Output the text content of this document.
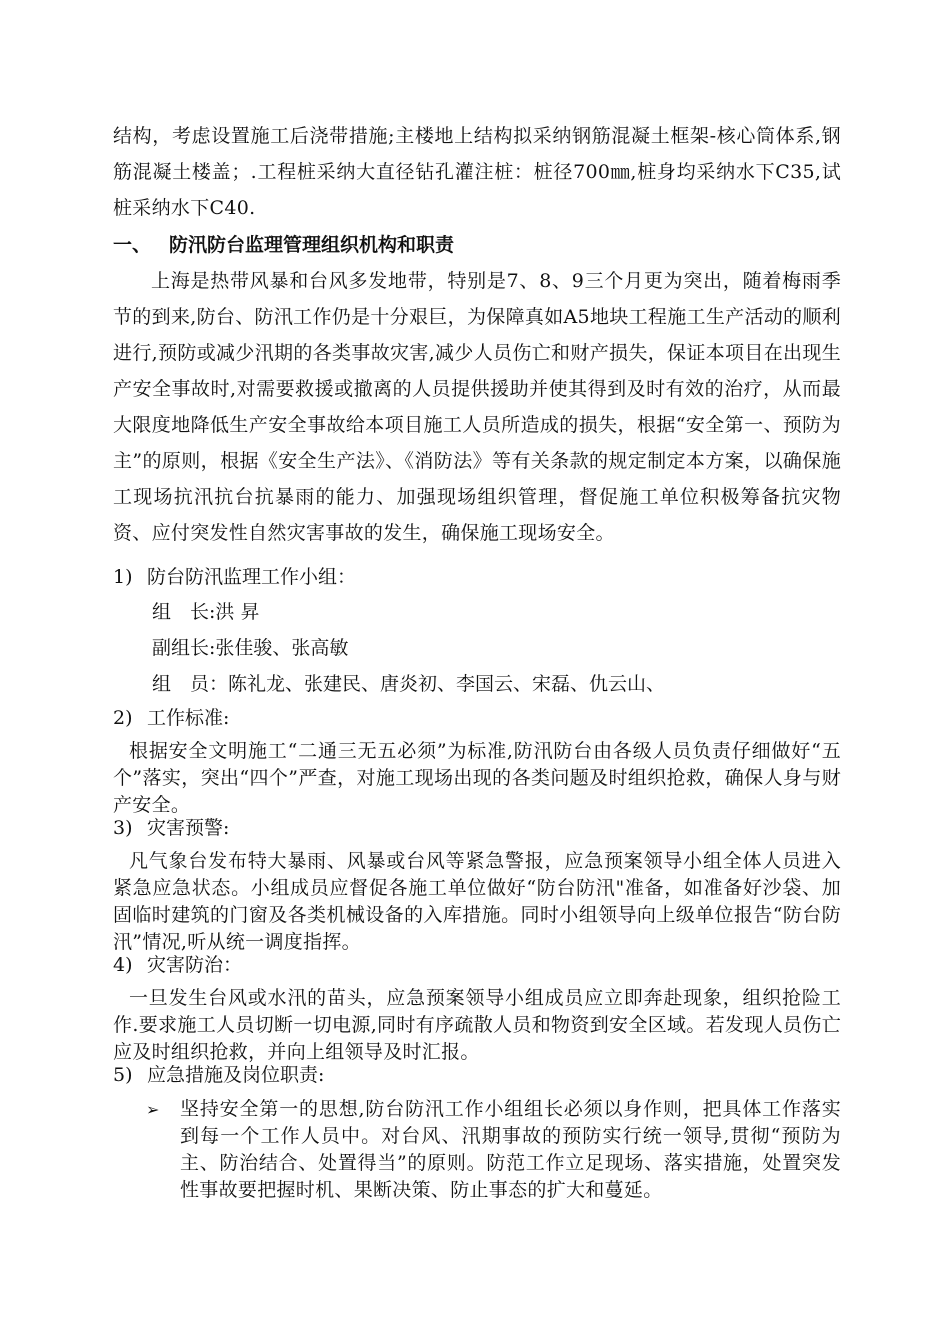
结构，考虑设置施工后浇带措施;主楼地上结构拟采纳钢筋混凝土框架-核心筒体系,钢筋混凝土楼盖；.工程桩采纳大直径钻孔灌注桩：桩径700㎜,桩身均采纳水下C35,试桩采纳水下C40.
一、 防汛防台监理管理组织机构和职责
上海是热带风暴和台风多发地带，特别是7、8、9三个月更为突出，随着梅雨季节的到来,防台、防汛工作仍是十分艰巨，为保障真如A5地块工程施工生产活动的顺利进行,预防或减少汛期的各类事故灾害,减少人员伤亡和财产损失，保证本项目在出现生产安全事故时,对需要救援或撤离的人员提供援助并使其得到及时有效的治疗，从而最大限度地降低生产安全事故给本项目施工人员所造成的损失，根据“安全第一、预防为主”的原则，根据《安全生产法》、《消防法》等有关条款的规定制定本方案，以确保施工现场抗汛抗台抗暴雨的能力、加强现场组织管理，督促施工单位积极筹备抗灾物资、应付突发性自然灾害事故的发生，确保施工现场安全。
1) 防台防汛监理工作小组：
组　长:洪 昇
副组长:张佳骏、张高敏
组　员：陈礼龙、张建民、唐炎初、李国云、宋磊、仇云山、
2) 工作标准:
根据安全文明施工“二通三无五必须”为标准,防汛防台由各级人员负责仔细做好“五个”落实，突出“四个”严查，对施工现场出现的各类问题及时组织抢救，确保人身与财产安全。
3) 灾害预警:
凡气象台发布特大暴雨、风暴或台风等紧急警报，应急预案领导小组全体人员进入紧急应急状态。小组成员应督促各施工单位做好“防台防汛"准备，如准备好沙袋、加固临时建筑的门窗及各类机械设备的入库措施。同时小组领导向上级单位报告“防台防汛”情况,听从统一调度指挥。
4) 灾害防治：
一旦发生台风或水汛的苗头，应急预案领导小组成员应立即奔赴现象，组织抢险工作.要求施工人员切断一切电源,同时有序疏散人员和物资到安全区域。若发现人员伤亡应及时组织抢救，并向上组领导及时汇报。
5) 应急措施及岗位职责:
➢	坚持安全第一的思想,防台防汛工作小组组长必须以身作则，把具体工作落实到每一个工作人员中。对台风、汛期事故的预防实行统一领导,贯彻“预防为主、防治结合、处置得当”的原则。防范工作立足现场、落实措施，处置突发性事故要把握时机、果断决策、防止事态的扩大和蔓延。
